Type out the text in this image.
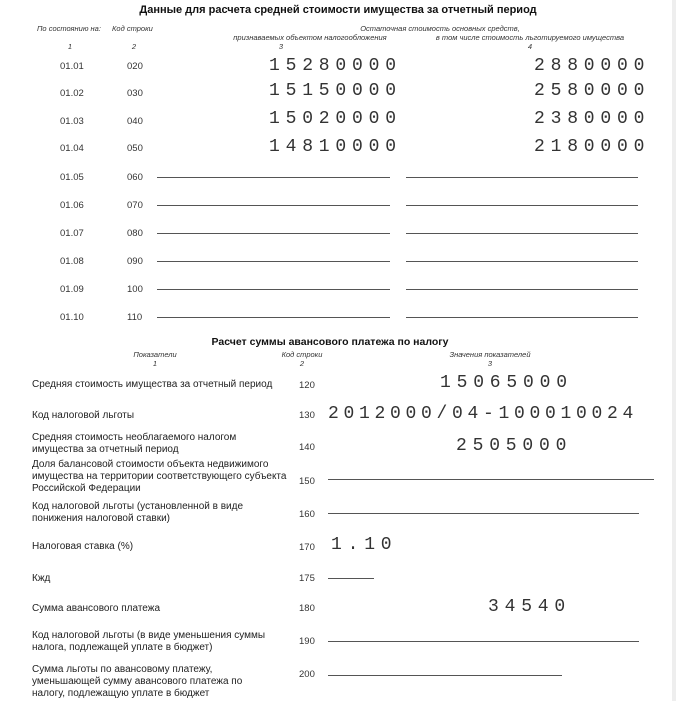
Данные для расчета средней стоимости имущества за отчетный период
По состоянию на: Код строки	Остаточная стоимость основных средств,
признаваемых объектом налогообложения	в том числе стоимость льготируемого имущества
1	2	3	4
01.01	020	15280000	2880000
01.02	030	15150000	2580000
01.03	040	15020000	2380000
01.04	050	14810000	2180000
01.05	060
01.06	070
01.07	080
01.08	090
01.09	100
01.10	110
Расчет суммы авансового платежа по налогу
Показатели	Код строки	Значения показателей
1	2	3
Средняя стоимость имущества за отчетный период	120	15065000
Код налоговой льготы	130 2012000/04-100010024
Средняя стоимость необлагаемого налогом имущества за отчетный период	140	2505000
Доля балансовой стоимости объекта недвижимого имущества на территории соответствующего субъекта Российской Федерации
150
Код налоговой льготы (установленной в виде понижения налоговой ставки)	160
Налоговая ставка (%)	170 1.10
Кжд	175
Сумма авансового платежа	180	34540
Код налоговой льготы (в виде уменьшения суммы налога, подлежащей уплате в бюджет)
190
Сумма льготы по авансовому платежу, уменьшающей сумму авансового платежа по налогу, подлежащую уплате в бюджет
200
